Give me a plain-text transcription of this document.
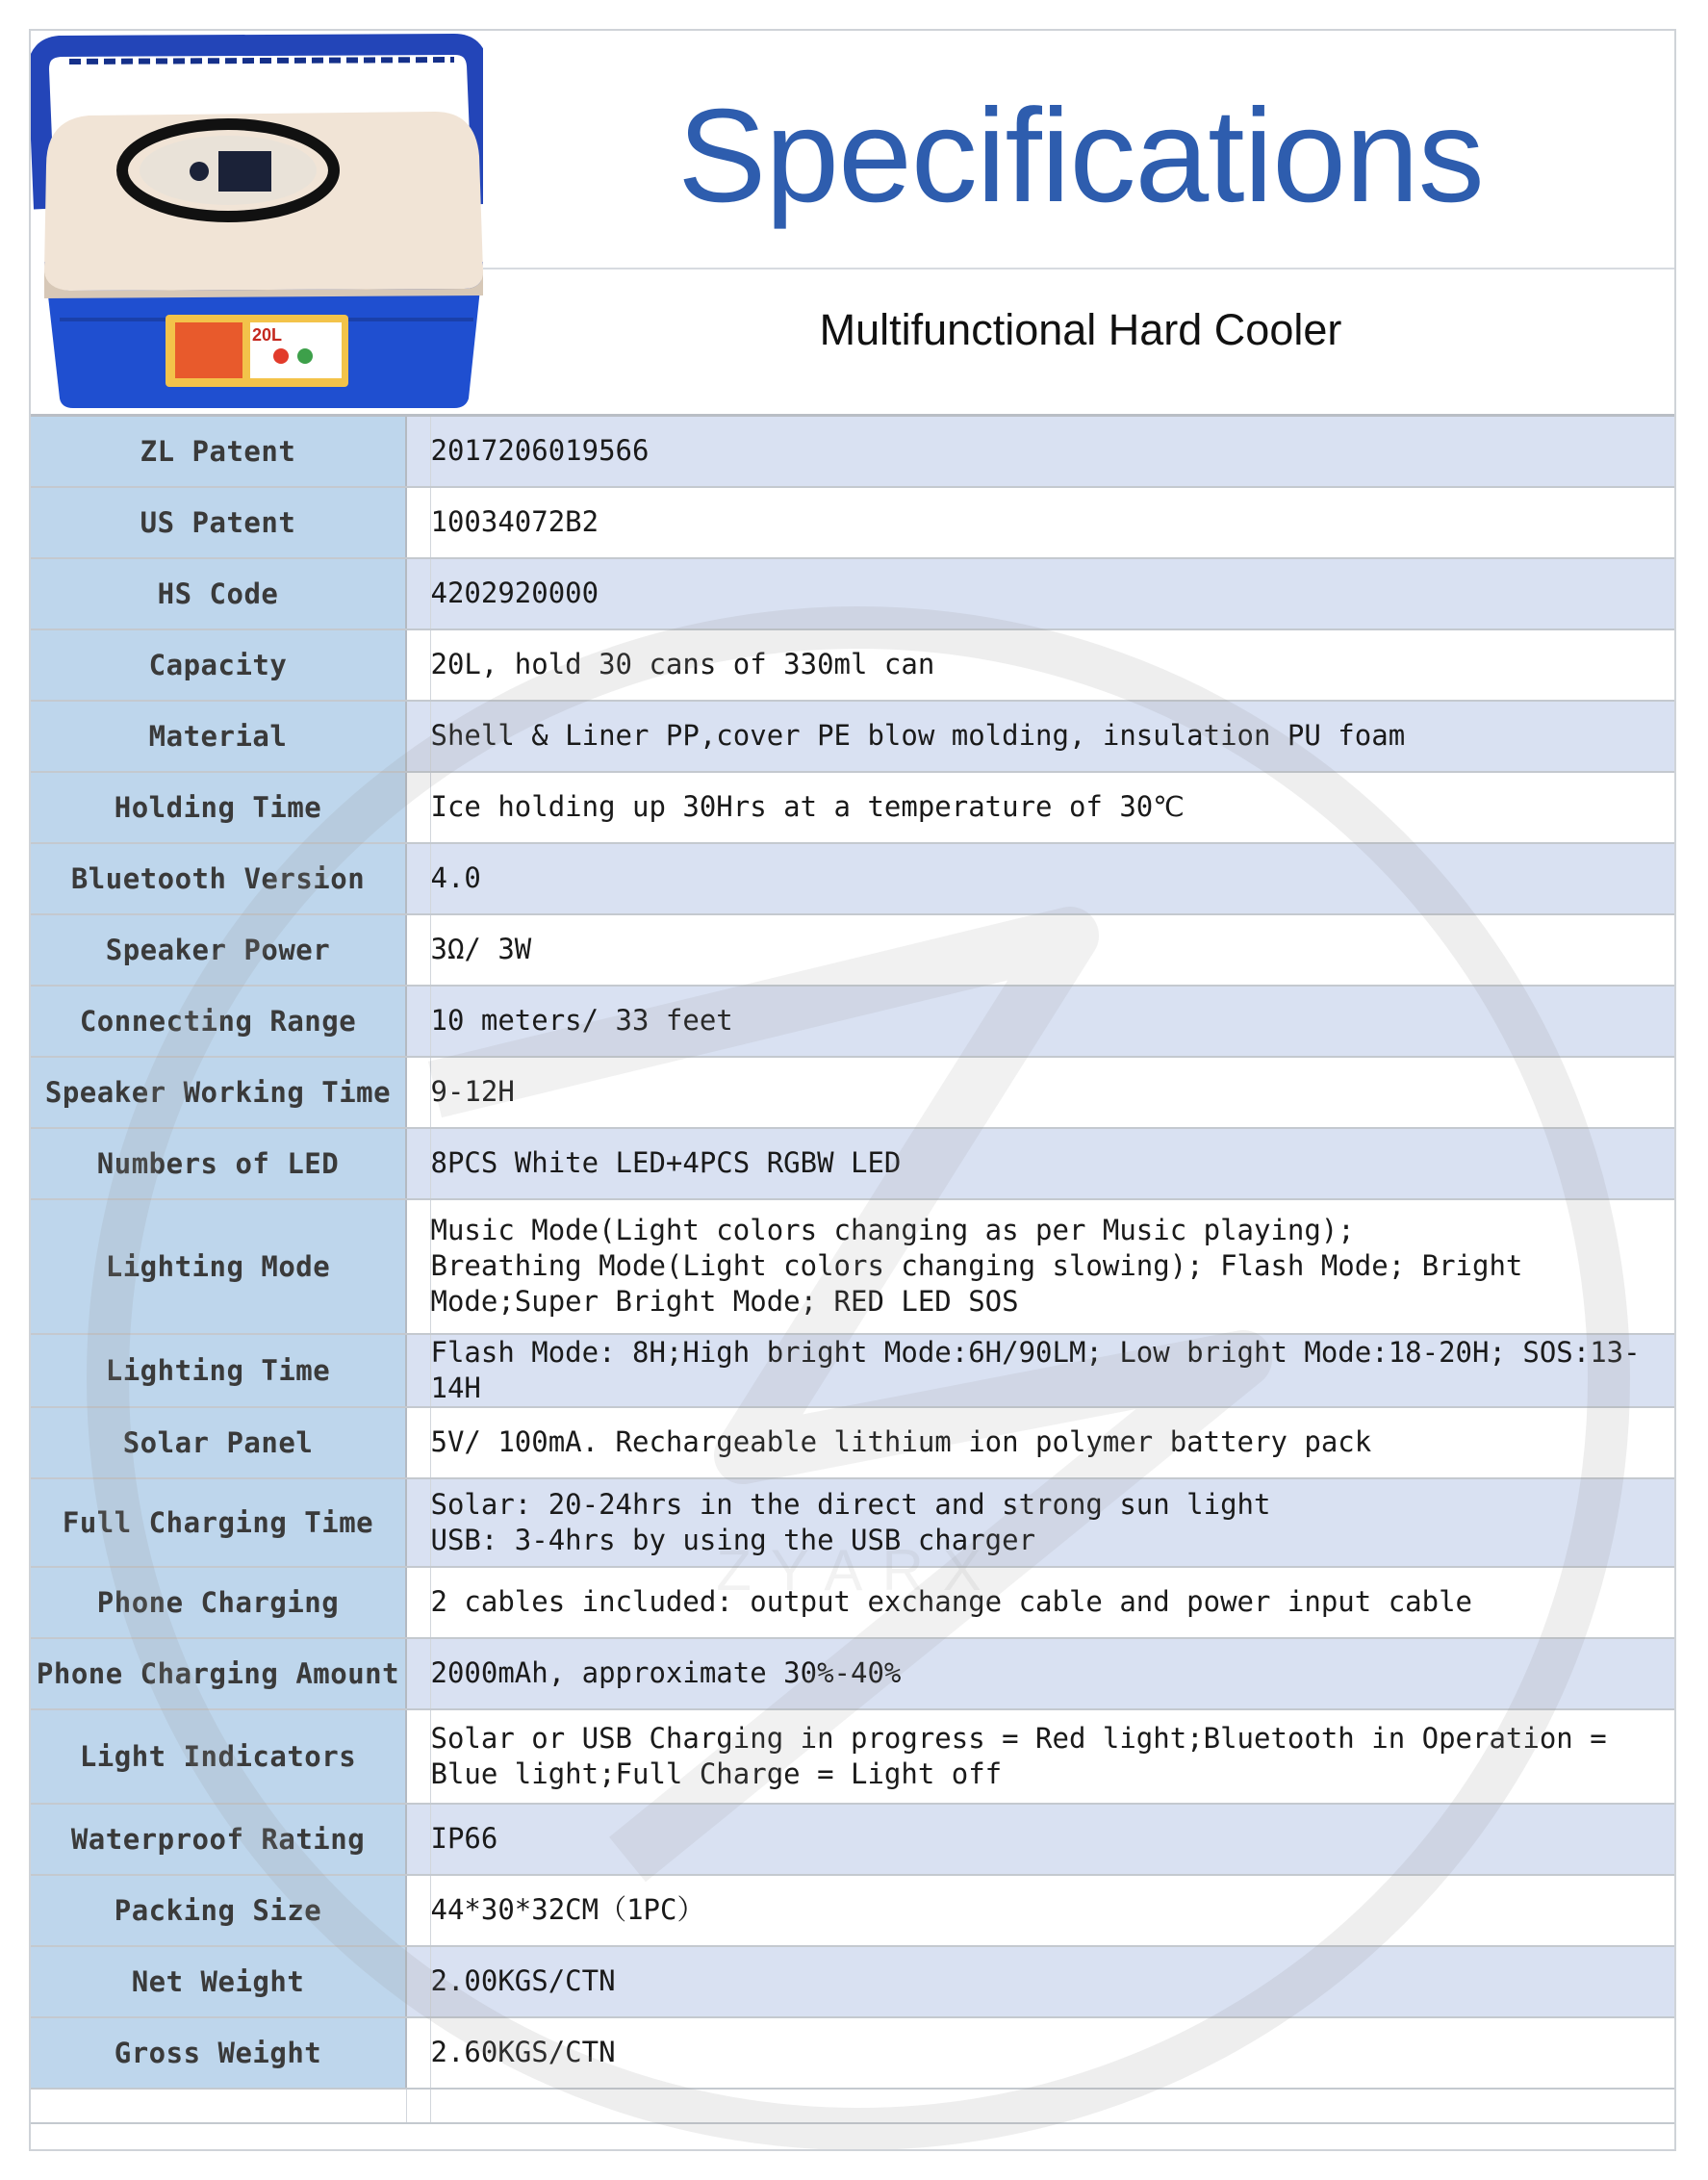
20L
Specifications
Multifunctional Hard Cooler
ZL Patent		2017206019566
US Patent		10034072B2
HS Code		4202920000
Capacity		20L, hold 30 cans of 330ml can
Material		Shell & Liner PP,cover PE blow molding, insulation PU foam
Holding Time		Ice holding up 30Hrs at a temperature of 30℃
Bluetooth Version		4.0
Speaker Power		3Ω/ 3W
Connecting Range		10 meters/ 33 feet
Speaker Working Time		9-12H
Numbers of LED		8PCS White LED+4PCS RGBW LED
Lighting Mode		Music Mode(Light colors changing as per Music playing);
Breathing Mode(Light colors changing slowing); Flash Mode; Bright Mode;Super Bright Mode; RED LED SOS
Lighting Time		Flash Mode: 8H;High bright Mode:6H/90LM; Low bright Mode:18-20H; SOS:13-14H
Solar Panel		5V/ 100mA. Rechargeable lithium ion polymer battery pack
Full Charging Time		Solar: 20-24hrs in the direct and strong sun light
USB: 3-4hrs by using the USB charger
Phone Charging		2 cables included: output exchange cable and power input cable
Phone Charging Amount		2000mAh, approximate 30%-40%
Light Indicators		Solar or USB Charging in progress = Red light;Bluetooth in Operation = Blue light;Full Charge = Light off
Waterproof Rating		IP66
Packing Size		44*30*32CM（1PC）
Net Weight		2.00KGS/CTN
Gross Weight		2.60KGS/CTN
